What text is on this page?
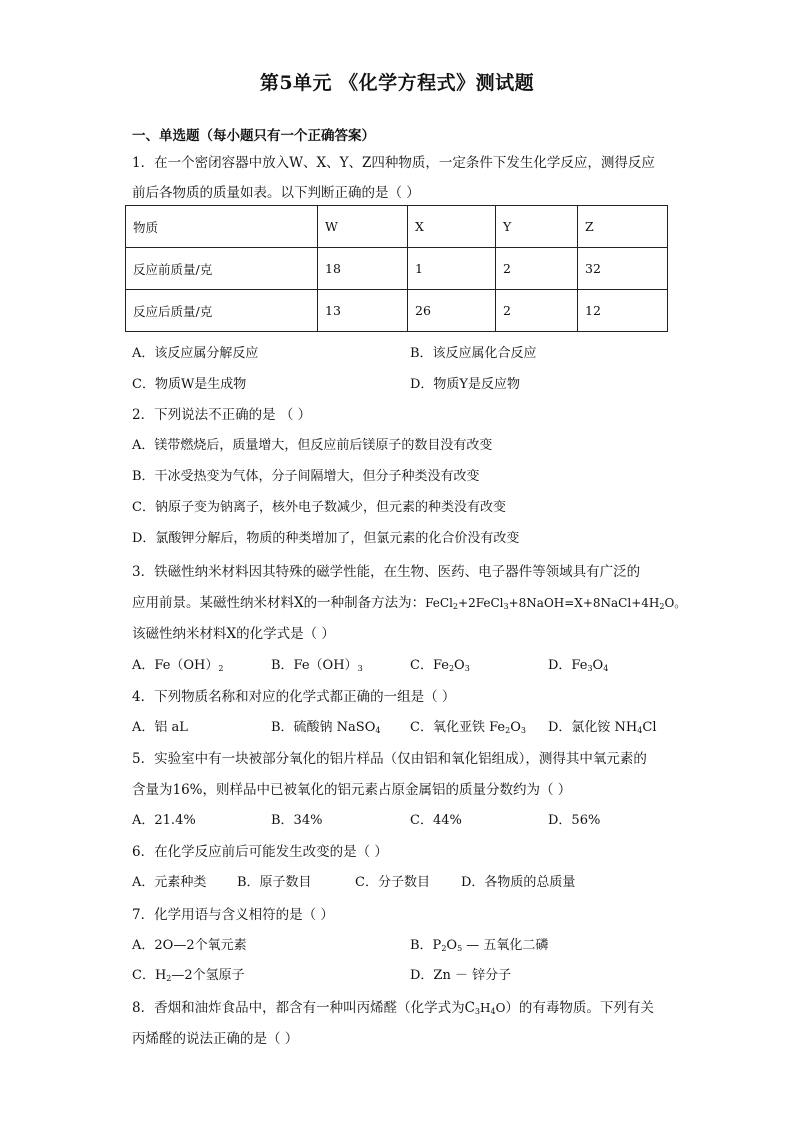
第5单元 《化学方程式》测试题
一、单选题（每小题只有一个正确答案）
1．在一个密闭容器中放入W、X、Y、Z四种物质，一定条件下发生化学反应，测得反应
前后各物质的质量如表。以下判断正确的是（ ）
物质	W	X	Y	Z
反应前质量/克	18	1	2	32
反应后质量/克	13	26	2	12
A．该反应属分解反应	B．该反应属化合反应
C．物质W是生成物	D．物质Y是反应物
2．下列说法不正确的是 （ ）
A．镁带燃烧后，质量增大，但反应前后镁原子的数目没有改变
B．干冰受热变为气体，分子间隔增大，但分子种类没有改变
C．钠原子变为钠离子，核外电子数减少，但元素的种类没有改变
D．氯酸钾分解后，物质的种类增加了，但氯元素的化合价没有改变
3．铁磁性纳米材料因其特殊的磁学性能，在生物、医药、电子器件等领域具有广泛的
应用前景。某磁性纳米材料X的一种制备方法为：$FeCl_2+2FeCl_3+8NaOH=X+8NaCl+4H_2O$。
该磁性纳米材料X的化学式是（ ）
A．$Fe(OH)_2$	B．$Fe(OH)_3$	C．$Fe_2O_3$	D．$Fe_3O_4$
4．下列物质名称和对应的化学式都正确的一组是（ ）
A．铝 aL	B．硫酸钠 NaSO$_4$ C．氧化亚铁 $Fe_2O_3$ D．氯化铵 $NH_4Cl$
5．实验室中有一块被部分氧化的铝片样品（仅由铝和氧化铝组成），测得其中氧元素的
含量为16%，则样品中已被氧化的铝元素占原金属铝的质量分数约为（ ）
A．21.4%	B．34%	C．44%	D．56%
6．在化学反应前后可能发生改变的是（ ）
A．元素种类 B．原子数目	C．分子数目 D．各物质的总质量
7．化学用语与含义相符的是（ ）
A．2O—2个氧元素	B．$P_2O_5$ — 五氧化二磷
C．$H_2—2$个氢原子	D．Zn － 锌分子
8．香烟和油炸食品中，都含有一种叫丙烯醛（化学式为$C_3H_4O$）的有毒物质。下列有关
丙烯醛的说法正确的是（ ）
